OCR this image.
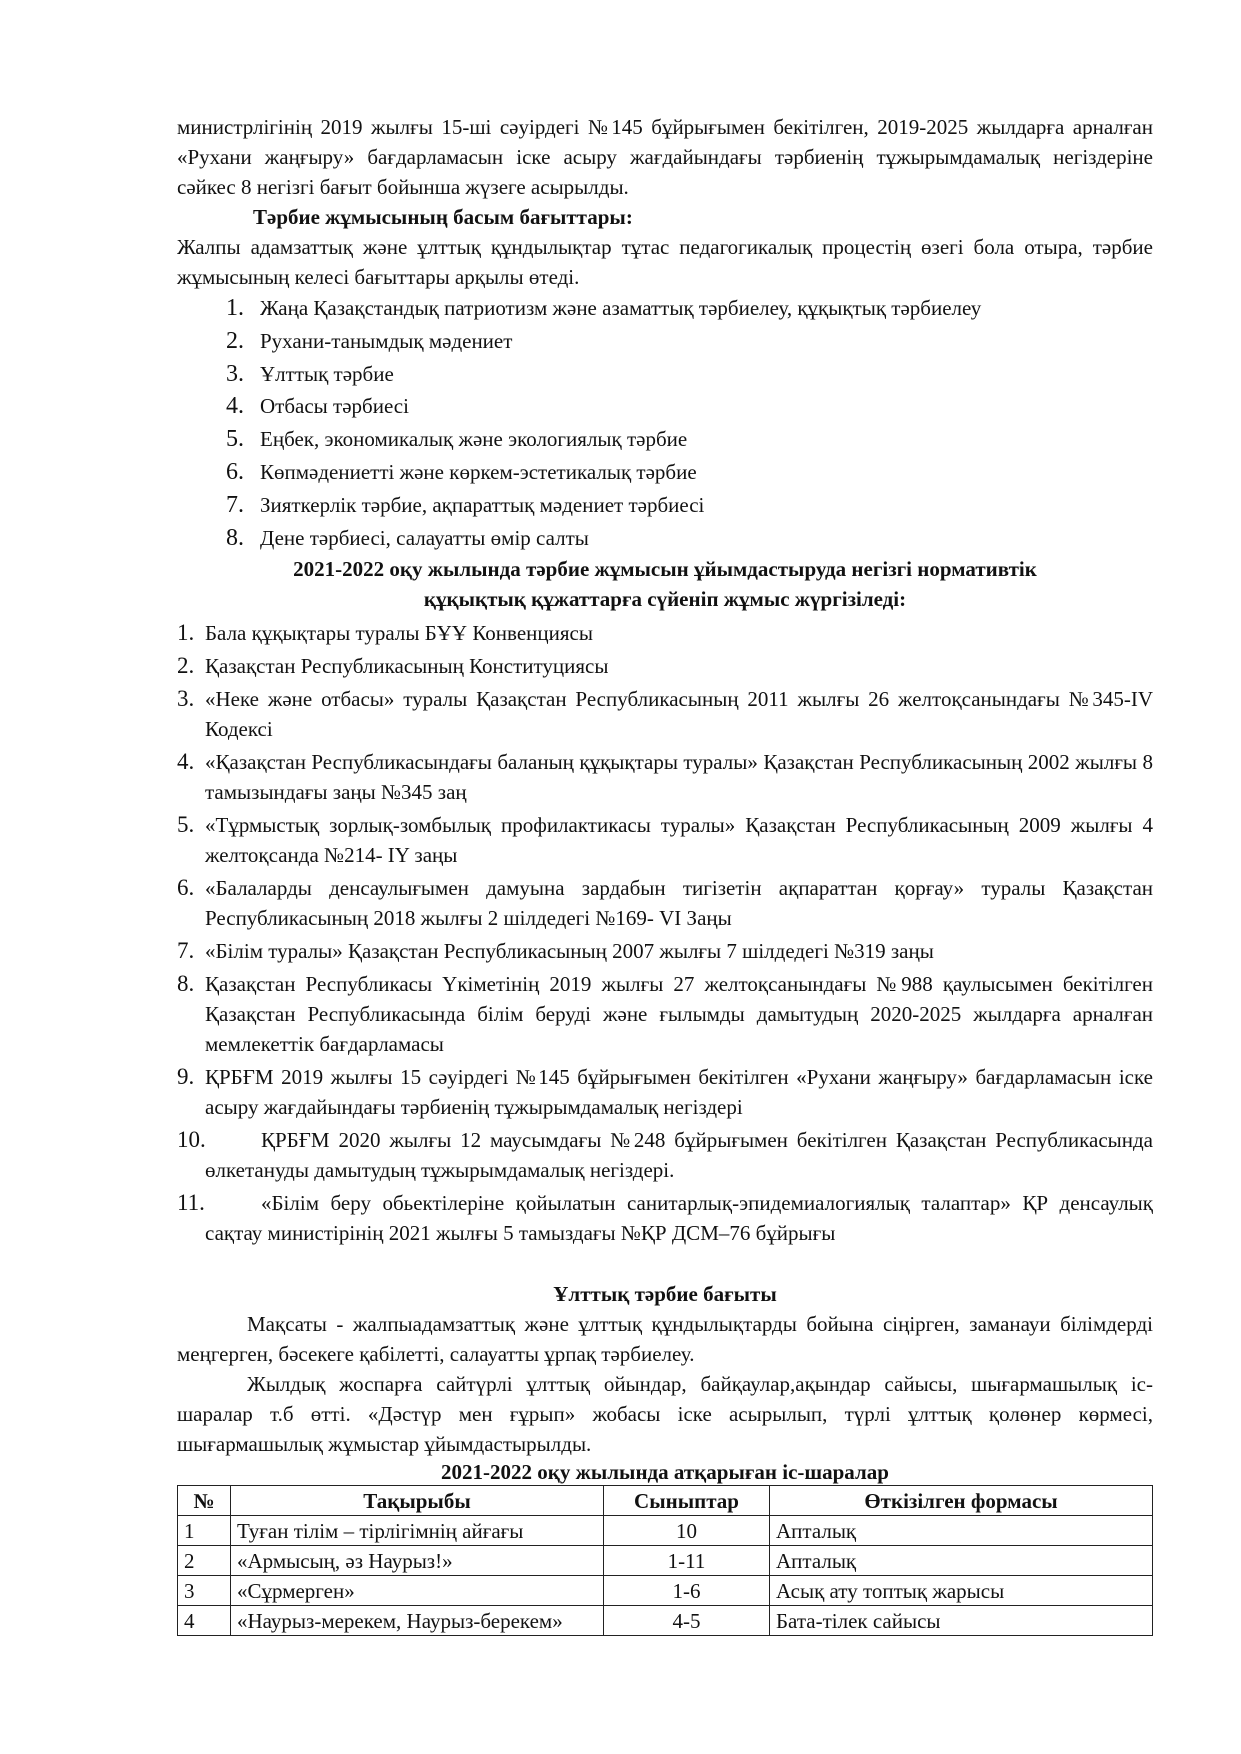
министрлігінің 2019 жылғы 15-ші сәуірдегі №145 бұйрығымен бекітілген, 2019-2025 жылдарға арналған «Рухани жаңғыру» бағдарламасын іске асыру жағдайындағы тәрбиенің тұжырымдамалық негіздеріне сәйкес 8 негізгі бағыт бойынша жүзеге асырылды.

Тәрбие жұмысының басым бағыттары:

Жалпы адамзаттық және ұлттық құндылықтар тұтас педагогикалық процестің өзегі бола отыра, тәрбие жұмысының келесі бағыттары арқылы өтеді.

1. Жаңа Қазақстандық патриотизм және азаматтық тәрбиелеу, құқықтық тәрбиелеу
2. Рухани-танымдық мәдениет
3. Ұлттық тәрбие
4. Отбасы тәрбиесі
5. Еңбек, экономикалық және экологиялық тәрбие
6. Көпмәдениетті және көркем-эстетикалық тәрбие
7. Зияткерлік тәрбие, ақпараттық мәдениет тәрбиесі
8. Дене тәрбиесі, салауатты өмір салты

2021-2022 оқу жылында тәрбие жұмысын ұйымдастыруда негізгі нормативтік

құқықтық құжаттарға сүйеніп жұмыс жүргізіледі:

1. Бала құқықтары туралы БҰҰ Конвенциясы
2. Қазақстан Республикасының Конституциясы
3. «Неке және отбасы» туралы Қазақстан Республикасының 2011 жылғы 26 желтоқсанындағы №345-IV Кодексі
4. «Қазақстан Республикасындағы баланың құқықтары туралы» Қазақстан Республикасының 2002 жылғы 8 тамызындағы заңы №345 заң
5. «Тұрмыстық зорлық-зомбылық профилактикасы туралы» Қазақстан Республикасының 2009 жылғы 4 желтоқсанда №214- IY заңы
6. «Балаларды денсаулығымен дамуына зардабын тигізетін ақпараттан қорғау» туралы Қазақстан Республикасының 2018 жылғы 2 шілдедегі №169- VI Заңы
7. «Білім туралы» Қазақстан Республикасының 2007 жылғы 7 шілдедегі №319 заңы
8. Қазақстан Республикасы Үкіметінің 2019 жылғы 27 желтоқсанындағы №988 қаулысымен бекітілген Қазақстан Республикасында білім беруді және ғылымды дамытудың 2020-2025 жылдарға арналған мемлекеттік бағдарламасы
9. ҚРБҒМ 2019 жылғы 15 сәуірдегі №145 бұйрығымен бекітілген «Рухани жаңғыру» бағдарламасын іске асыру жағдайындағы тәрбиенің тұжырымдамалық негіздері
10.	ҚРБҒМ 2020 жылғы 12 маусымдағы №248 бұйрығымен бекітілген Қазақстан Республикасында өлкетануды дамытудың тұжырымдамалық негіздері.
11.	«Білім беру обьектілеріне қойылатын санитарлық-эпидемиалогиялық талаптар» ҚР денсаулық сақтау министірінің 2021 жылғы 5 тамыздағы №ҚР ДСМ–76 бұйрығы

Ұлттық тәрбие бағыты

Мақсаты - жалпыадамзаттық және ұлттық құндылықтарды бойына сіңірген, заманауи білімдерді меңгерген, бәсекеге қабілетті, салауатты ұрпақ тәрбиелеу.

Жылдық жоспарға сайтүрлі ұлттық ойындар, байқаулар,ақындар сайысы, шығармашылық іс-шаралар т.б өтті. «Дәстүр мен ғұрып» жобасы іске асырылып, түрлі ұлттық қолөнер көрмесі, шығармашылық жұмыстар ұйымдастырылды.

2021-2022 оқу жылында атқарыған іс-шаралар

№	Тақырыбы	Сыныптар	Өткізілген формасы
1	Туған тілім – тірлігімнің айғағы	10	Апталық
2	«Армысың, әз Наурыз!»	1-11	Апталық
3	«Сұрмерген»	1-6	Асық ату топтық жарысы
4	«Наурыз-мерекем, Наурыз-берекем»	4-5	Бата-тілек сайысы
